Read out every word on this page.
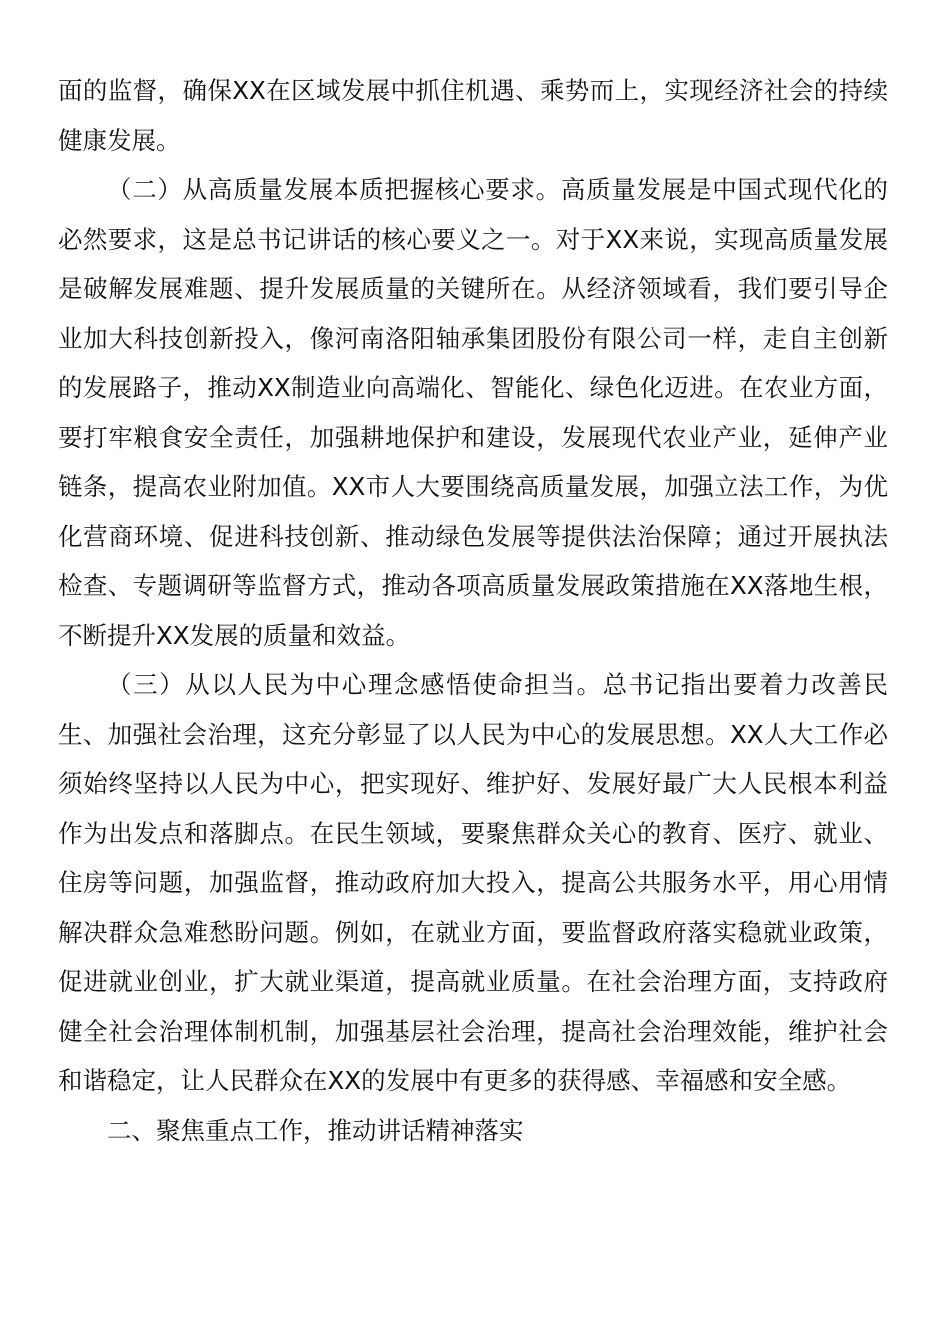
面的监督，确保XX在区域发展中抓住机遇、乘势而上，实现经济社会的持续健康发展。

（二）从高质量发展本质把握核心要求。高质量发展是中国式现代化的必然要求，这是总书记讲话的核心要义之一。对于XX来说，实现高质量发展是破解发展难题、提升发展质量的关键所在。从经济领域看，我们要引导企业加大科技创新投入，像河南洛阳轴承集团股份有限公司一样，走自主创新的发展路子，推动XX制造业向高端化、智能化、绿色化迈进。在农业方面，要打牢粮食安全责任，加强耕地保护和建设，发展现代农业产业，延伸产业链条，提高农业附加值。XX市人大要围绕高质量发展，加强立法工作，为优化营商环境、促进科技创新、推动绿色发展等提供法治保障；通过开展执法检查、专题调研等监督方式，推动各项高质量发展政策措施在XX落地生根，不断提升XX发展的质量和效益。

（三）从以人民为中心理念感悟使命担当。总书记指出要着力改善民生、加强社会治理，这充分彰显了以人民为中心的发展思想。XX人大工作必须始终坚持以人民为中心，把实现好、维护好、发展好最广大人民根本利益作为出发点和落脚点。在民生领域，要聚焦群众关心的教育、医疗、就业、住房等问题，加强监督，推动政府加大投入，提高公共服务水平，用心用情解决群众急难愁盼问题。例如，在就业方面，要监督政府落实稳就业政策，促进就业创业，扩大就业渠道，提高就业质量。在社会治理方面，支持政府健全社会治理体制机制，加强基层社会治理，提高社会治理效能，维护社会和谐稳定，让人民群众在XX的发展中有更多的获得感、幸福感和安全感。

二、聚焦重点工作，推动讲话精神落实
